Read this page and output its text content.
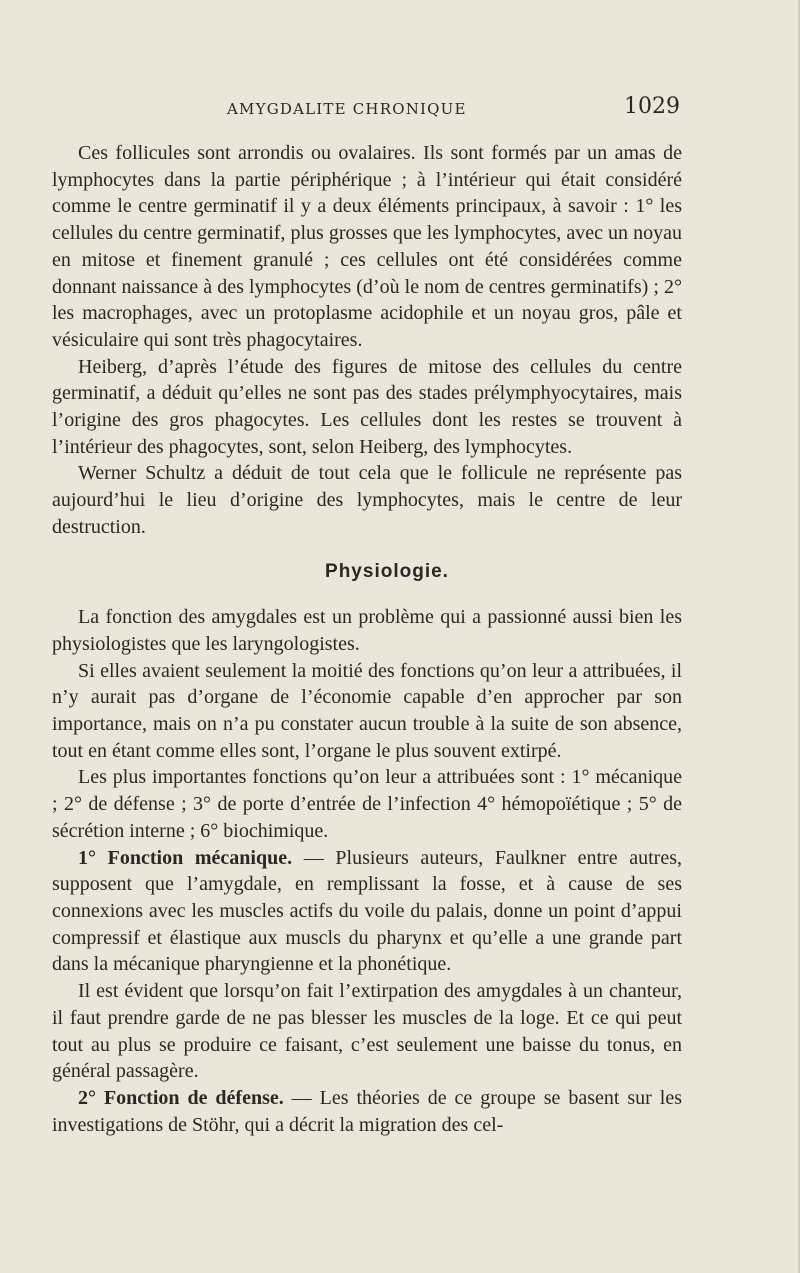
AMYGDALITE CHRONIQUE	1029

Ces follicules sont arrondis ou ovalaires. Ils sont formés par un amas de lymphocytes dans la partie périphérique ; à l’intérieur qui était considéré comme le centre germinatif il y a deux éléments principaux, à savoir : 1° les cellules du centre germinatif, plus grosses que les lymphocytes, avec un noyau en mitose et finement granulé ; ces cellules ont été considérées comme donnant naissance à des lymphocytes (d’où le nom de centres germinatifs) ; 2° les macrophages, avec un protoplasme acidophile et un noyau gros, pâle et vésiculaire qui sont très phagocytaires.

Heiberg, d’après l’étude des figures de mitose des cellules du centre germinatif, a déduit qu’elles ne sont pas des stades prélymphyocytaires, mais l’origine des gros phagocytes. Les cellules dont les restes se trouvent à l’intérieur des phagocytes, sont, selon Heiberg, des lymphocytes.

Werner Schultz a déduit de tout cela que le follicule ne représente pas aujourd’hui le lieu d’origine des lymphocytes, mais le centre de leur destruction.

Physiologie.

La fonction des amygdales est un problème qui a passionné aussi bien les physiologistes que les laryngologistes.

Si elles avaient seulement la moitié des fonctions qu’on leur a attribuées, il n’y aurait pas d’organe de l’économie capable d’en approcher par son importance, mais on n’a pu constater aucun trouble à la suite de son absence, tout en étant comme elles sont, l’organe le plus souvent extirpé.

Les plus importantes fonctions qu’on leur a attribuées sont : 1° mécanique ; 2° de défense ; 3° de porte d’entrée de l’infection 4° hémopoïétique ; 5° de sécrétion interne ; 6° biochimique.

1° Fonction mécanique. — Plusieurs auteurs, Faulkner entre autres, supposent que l’amygdale, en remplissant la fosse, et à cause de ses connexions avec les muscles actifs du voile du palais, donne un point d’appui compressif et élastique aux muscls du pharynx et qu’elle a une grande part dans la mécanique pharyngienne et la phonétique.

Il est évident que lorsqu’on fait l’extirpation des amygdales à un chanteur, il faut prendre garde de ne pas blesser les muscles de la loge. Et ce qui peut tout au plus se produire ce faisant, c’est seulement une baisse du tonus, en général passagère.

2° Fonction de défense. — Les théories de ce groupe se basent sur les investigations de Stöhr, qui a décrit la migration des cel-
